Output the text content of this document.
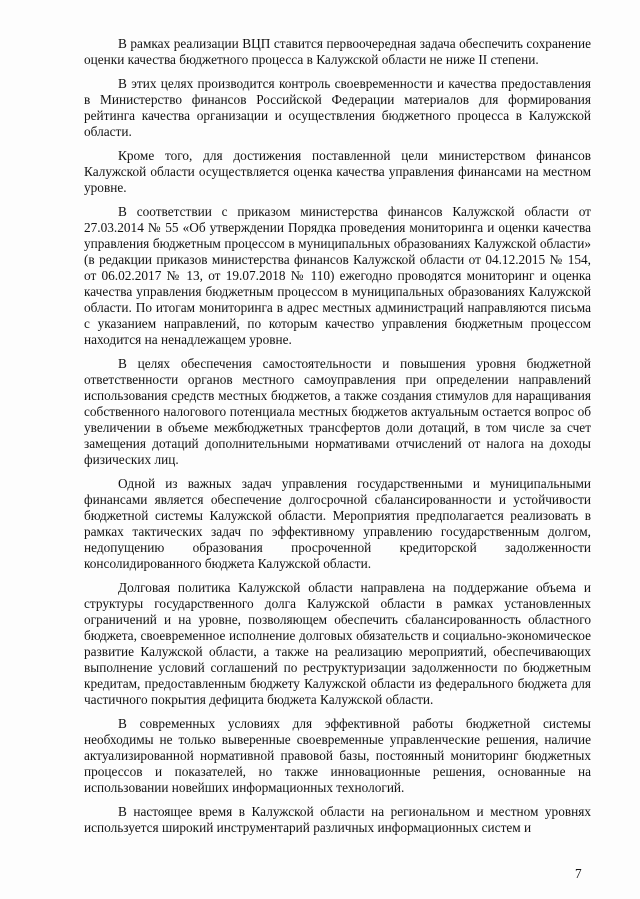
В рамках реализации ВЦП ставится первоочередная задача обеспечить сохранение оценки качества бюджетного процесса в Калужской области не ниже II степени.

В этих целях производится контроль своевременности и качества предоставления в Министерство финансов Российской Федерации материалов для формирования рейтинга качества организации и осуществления бюджетного процесса в Калужской области.

Кроме того, для достижения поставленной цели министерством финансов Калужской области осуществляется оценка качества управления финансами на местном уровне.

В соответствии с приказом министерства финансов Калужской области от 27.03.2014 № 55 «Об утверждении Порядка проведения мониторинга и оценки качества управления бюджетным процессом в муниципальных образованиях Калужской области» (в редакции приказов министерства финансов Калужской области от 04.12.2015 № 154, от 06.02.2017 № 13, от 19.07.2018 № 110) ежегодно проводятся мониторинг и оценка качества управления бюджетным процессом в муниципальных образованиях Калужской области. По итогам мониторинга в адрес местных администраций направляются письма с указанием направлений, по которым качество управления бюджетным процессом находится на ненадлежащем уровне.

В целях обеспечения самостоятельности и повышения уровня бюджетной ответственности органов местного самоуправления при определении направлений использования средств местных бюджетов, а также создания стимулов для наращивания собственного налогового потенциала местных бюджетов актуальным остается вопрос об увеличении в объеме межбюджетных трансфертов доли дотаций, в том числе за счет замещения дотаций дополнительными нормативами отчислений от налога на доходы физических лиц.

Одной из важных задач управления государственными и муниципальными финансами является обеспечение долгосрочной сбалансированности и устойчивости бюджетной системы Калужской области. Мероприятия предполагается реализовать в рамках тактических задач по эффективному управлению государственным долгом, недопущению образования просроченной кредиторской задолженности консолидированного бюджета Калужской области.

Долговая политика Калужской области направлена на поддержание объема и структуры государственного долга Калужской области в рамках установленных ограничений и на уровне, позволяющем обеспечить сбалансированность областного бюджета, своевременное исполнение долговых обязательств и социально-экономическое развитие Калужской области, а также на реализацию мероприятий, обеспечивающих выполнение условий соглашений по реструктуризации задолженности по бюджетным кредитам, предоставленным бюджету Калужской области из федерального бюджета для частичного покрытия дефицита бюджета Калужской области.

В современных условиях для эффективной работы бюджетной системы необходимы не только выверенные своевременные управленческие решения, наличие актуализированной нормативной правовой базы, постоянный мониторинг бюджетных процессов и показателей, но также инновационные решения, основанные на использовании новейших информационных технологий.

В настоящее время в Калужской области на региональном и местном уровнях используется широкий инструментарий различных информационных систем и

7
